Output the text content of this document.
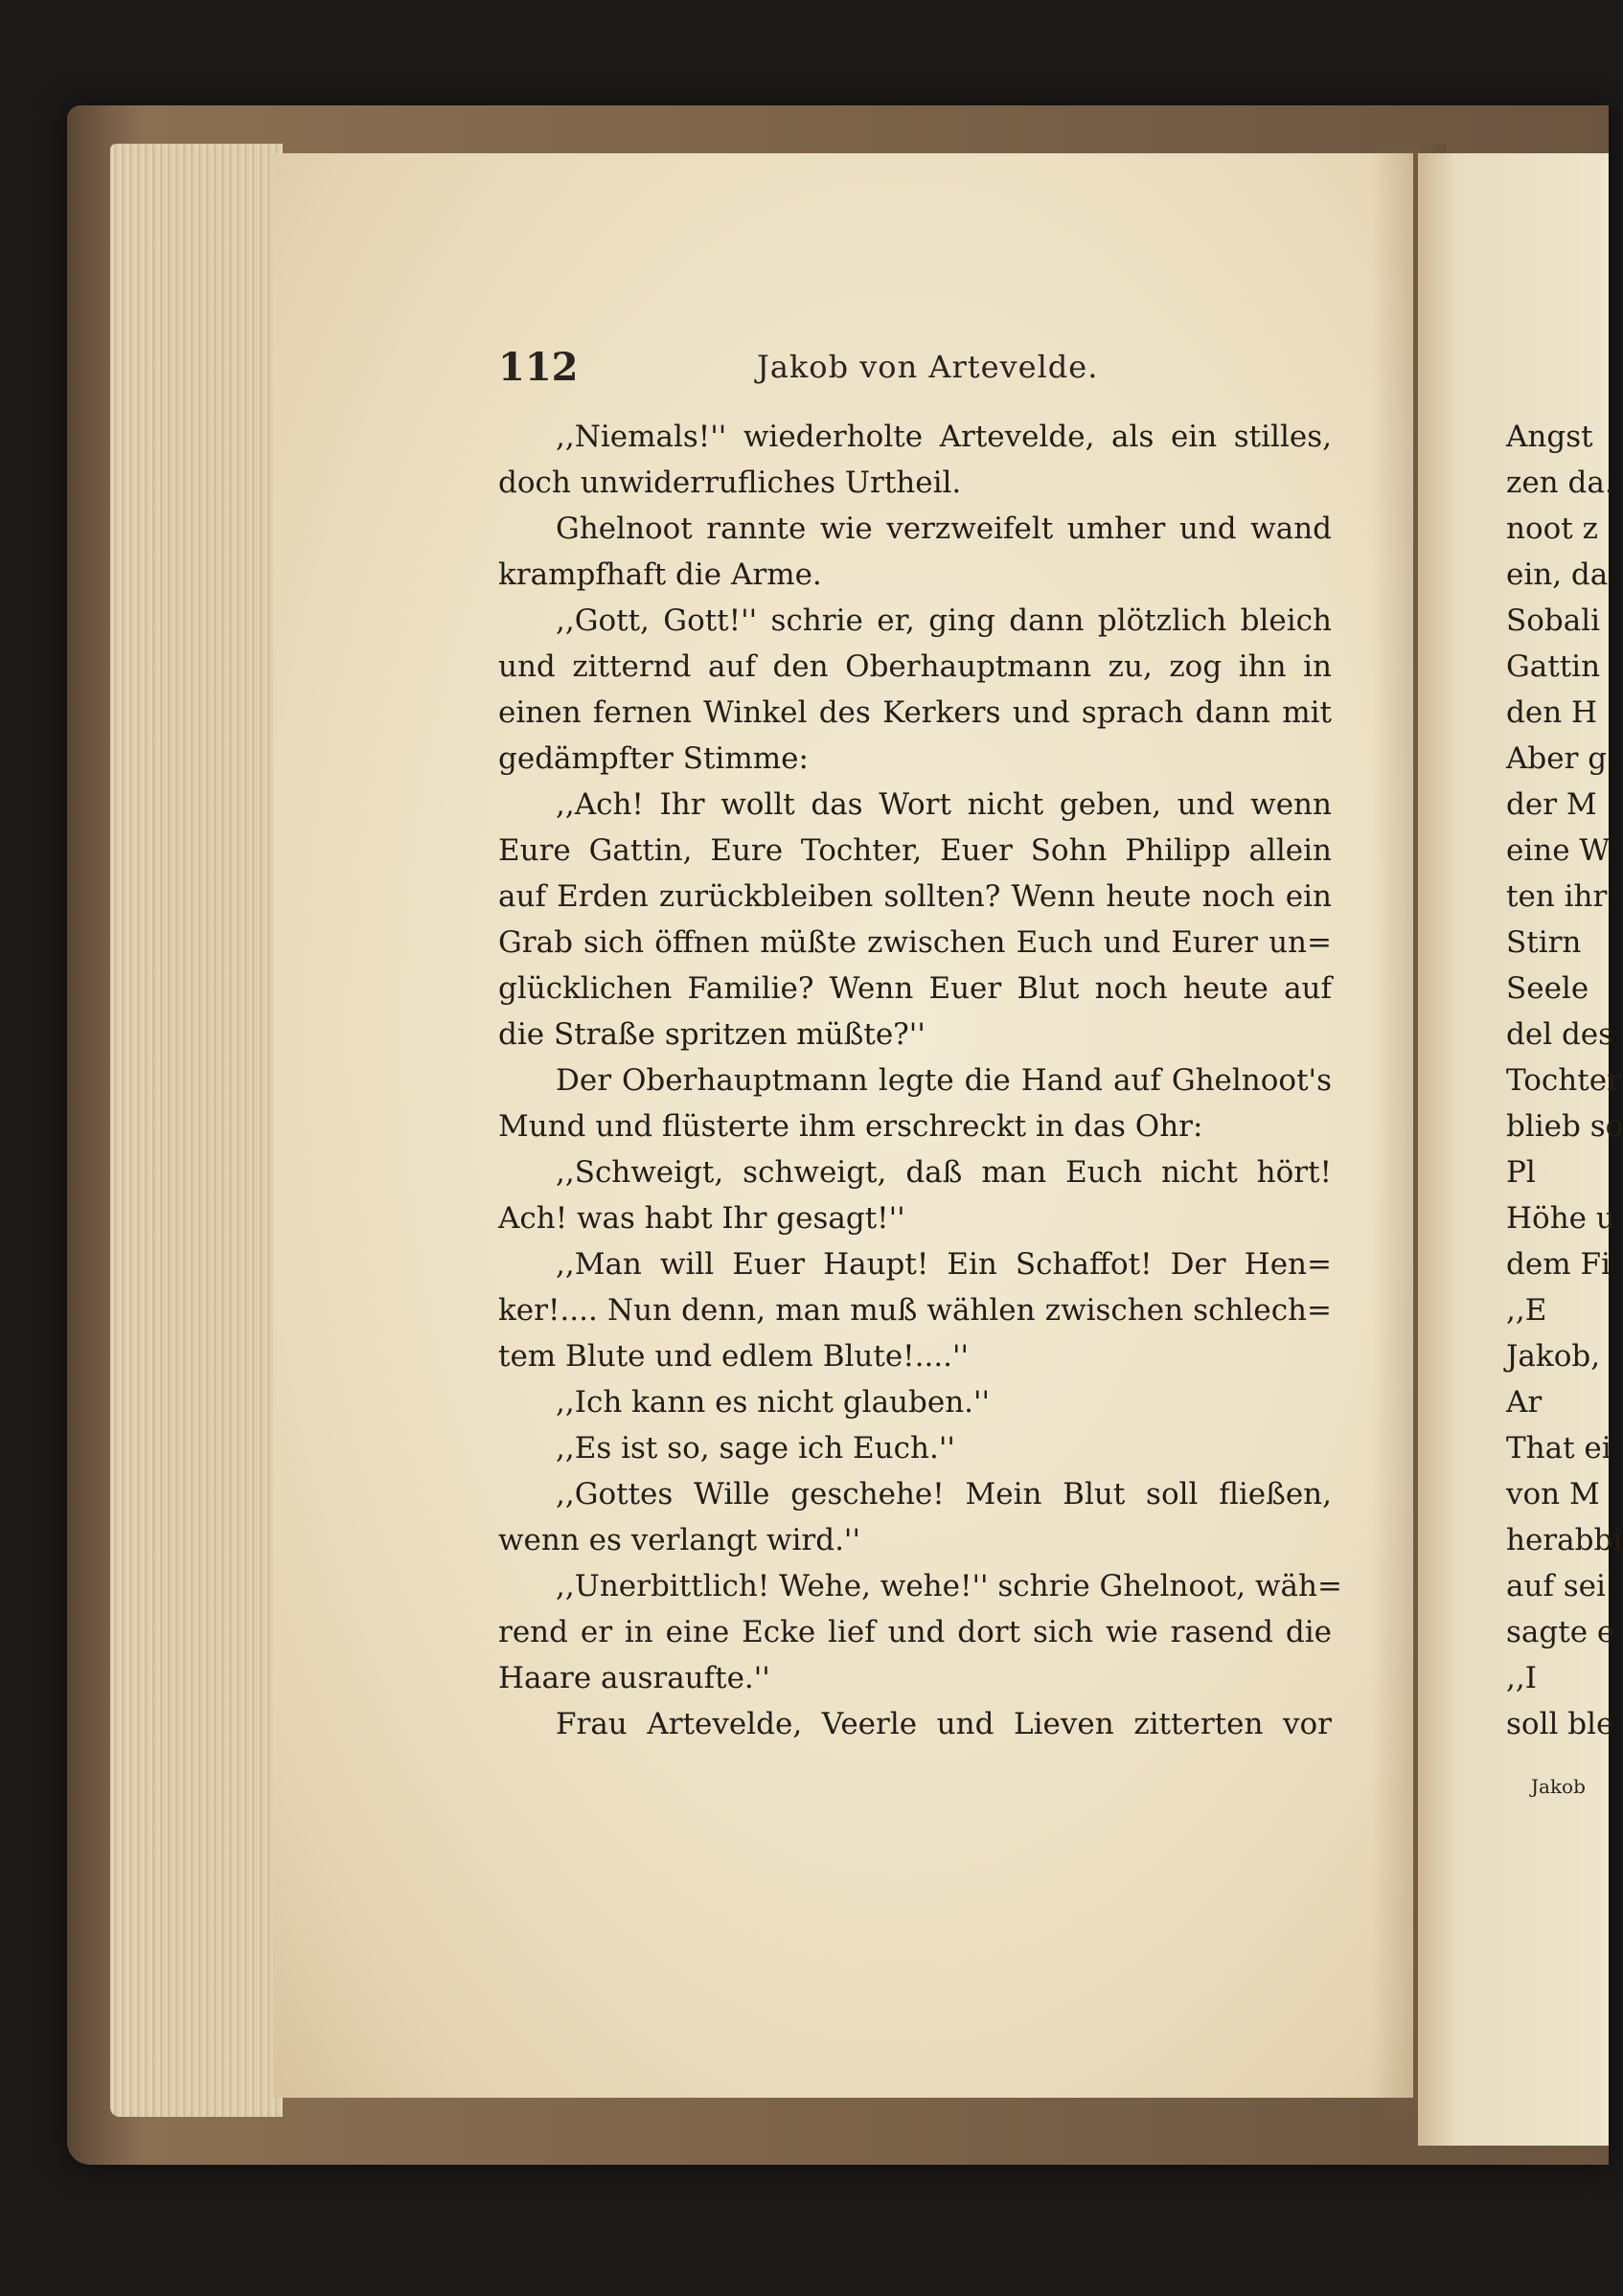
112	Jakob von Artevelde.
,,Niemals!'' wiederholte Artevelde, als ein stilles,
doch unwiderrufliches Urtheil.
Ghelnoot rannte wie verzweifelt umher und wand
krampfhaft die Arme.
,,Gott, Gott!'' schrie er, ging dann plötzlich bleich
und zitternd auf den Oberhauptmann zu, zog ihn in
einen fernen Winkel des Kerkers und sprach dann mit
gedämpfter Stimme:
,,Ach! Ihr wollt das Wort nicht geben, und wenn
Eure Gattin, Eure Tochter, Euer Sohn Philipp allein
auf Erden zurückbleiben sollten? Wenn heute noch ein
Grab sich öffnen müßte zwischen Euch und Eurer un=
glücklichen Familie? Wenn Euer Blut noch heute auf
die Straße spritzen müßte?''
Der Oberhauptmann legte die Hand auf Ghelnoot's
Mund und flüsterte ihm erschreckt in das Ohr:
,,Schweigt, schweigt, daß man Euch nicht hört!
Ach! was habt Ihr gesagt!''
,,Man will Euer Haupt! Ein Schaffot! Der Hen=
ker!.... Nun denn, man muß wählen zwischen schlech=
tem Blute und edlem Blute!....''
,,Ich kann es nicht glauben.''
,,Es ist so, sage ich Euch.''
,,Gottes Wille geschehe! Mein Blut soll fließen,
wenn es verlangt wird.''
,,Unerbittlich! Wehe, wehe!'' schrie Ghelnoot, wäh=
rend er in eine Ecke lief und dort sich wie rasend die
Haare ausraufte.''
Frau Artevelde, Veerle und Lieven zitterten vor
Angst
zen da.
noot z
ein, da
Sobali
Gattin
den H
Aber g
der M
eine W
ten ihr
Stirn
Seele
del des
Tochter
blieb so
Pl
Höhe u
dem Fi
,,E
Jakob,
Ar
That ei
von M
herabbi
auf sei
sagte e
,,I
soll ble
Jakob
